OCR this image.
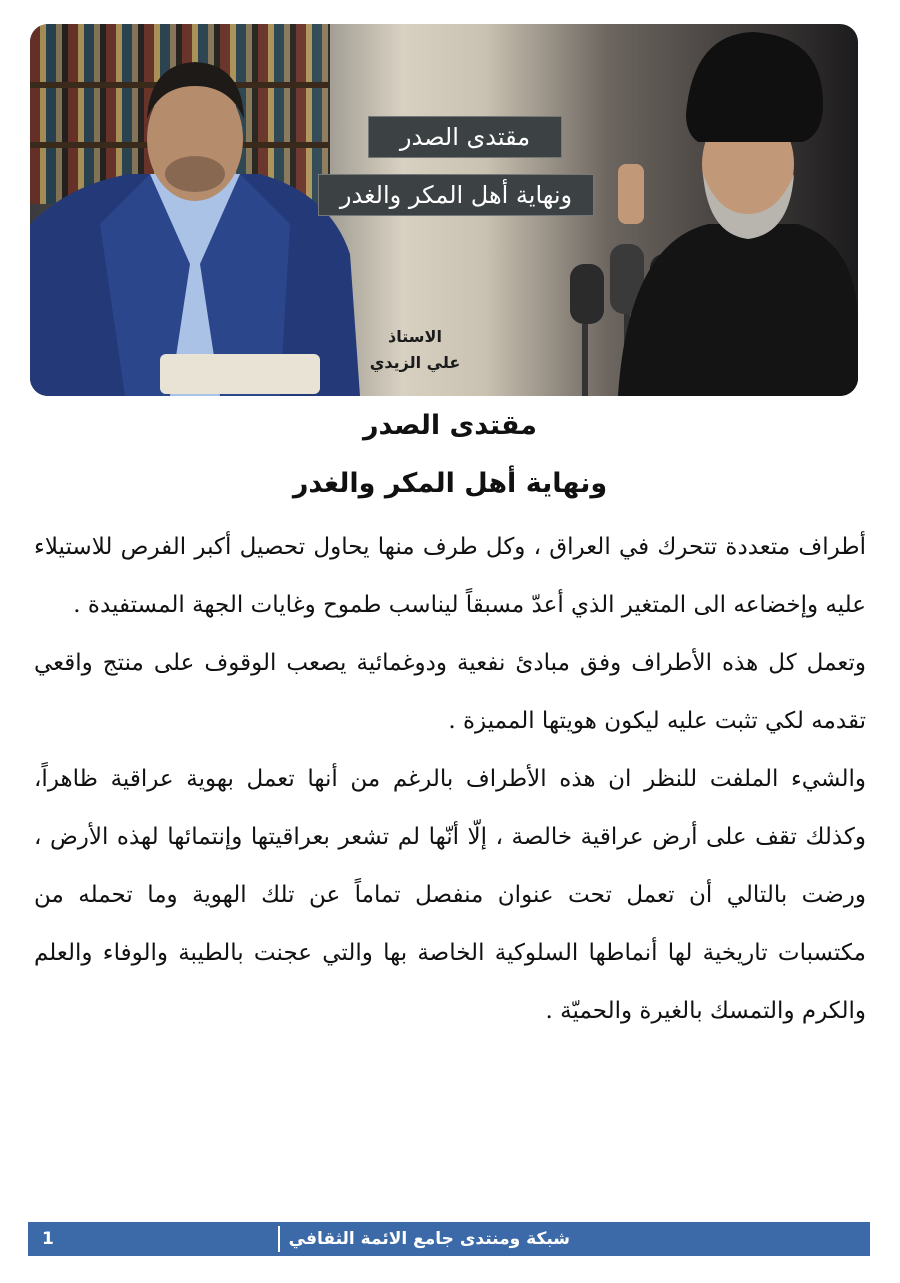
مقتدى الصدر
ونهاية أهل المكر والغدر
الاستاذ
علي الزيدي
مقتدى الصدر
ونهاية أهل المكر والغدر

أطراف متعددة تتحرك في العراق ، وكل طرف منها يحاول تحصيل أكبر الفرص للاستيلاء عليه وإخضاعه الى المتغير الذي أعدّ مسبقاً ليناسب طموح وغايات الجهة المستفيدة .

وتعمل كل هذه الأطراف وفق مبادئ نفعية ودوغمائية يصعب الوقوف على منتج واقعي تقدمه لكي تثبت عليه ليكون هويتها المميزة .

والشيء الملفت للنظر ان هذه الأطراف بالرغم من أنها تعمل بهوية عراقية ظاهراً، وكذلك تقف على أرض عراقية خالصة ، إلّا أنّها لم تشعر بعراقيتها وإنتمائها لهذه الأرض ، ورضت بالتالي أن تعمل تحت عنوان منفصل تماماً عن تلك الهوية وما تحمله من مكتسبات تاريخية لها أنماطها السلوكية الخاصة بها والتي عجنت بالطيبة والوفاء والعلم والكرم والتمسك بالغيرة والحميّة .

1	شبكة ومنتدى جامع الائمة الثقافي
